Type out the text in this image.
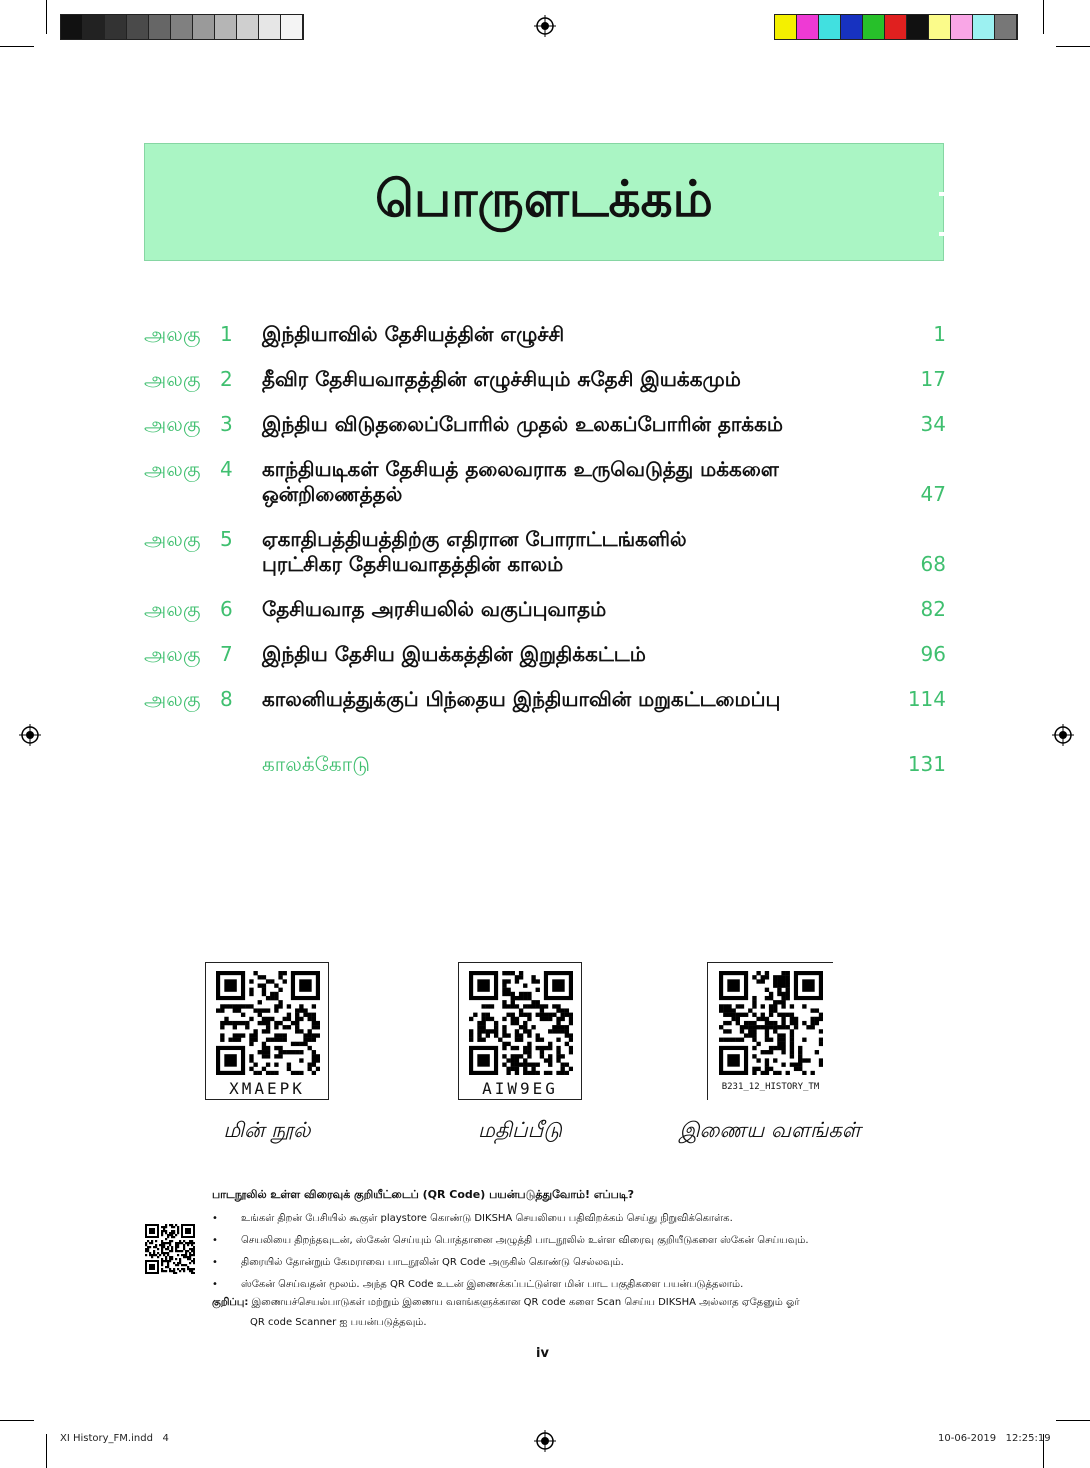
பொருளடக்கம்
அலகு 1 இந்தியாவில் தேசியத்தின் எழுச்சி	1
அலகு 2 தீவிர தேசியவாதத்தின் எழுச்சியும் சுதேசி இயக்கமும்	17
அலகு 3 இந்திய விடுதலைப்போரில் முதல் உலகப்போரின் தாக்கம்	34
அலகு 4 காந்தியடிகள் தேசியத் தலைவராக உருவெடுத்து மக்களை
ஒன்றிணைத்தல்	47
அலகு 5 ஏகாதிபத்தியத்திற்கு எதிரான போராட்டங்களில்
புரட்சிகர தேசியவாதத்தின் காலம்	68
அலகு 6 தேசியவாத அரசியலில் வகுப்புவாதம்	82
அலகு 7 இந்திய தேசிய இயக்கத்தின் இறுதிக்கட்டம்	96
அலகு 8 காலனியத்துக்குப் பிந்தைய இந்தியாவின் மறுகட்டமைப்பு	114
காலக்கோடு	131
XMAEPK	AIW9EG	B231_12_HISTORY_TM
மின் நூல்	மதிப்பீடு	இணைய வளங்கள்
பாடநூலில் உள்ள விரைவுக் குறியீட்டைப் (QR Code) பயன்படுத்துவோம்! எப்படி?
• உங்கள் திறன் பேசியில் கூகுள் playstore கொண்டு DIKSHA செயலியை பதிவிறக்கம் செய்து நிறுவிக்கொள்க.
• செயலியை திறந்தவுடன், ஸ்கேன் செய்யும் பொத்தானை அழுத்தி பாடநூலில் உள்ள விரைவு குறியீடுகளை ஸ்கேன் செய்யவும்.
• திரையில் தோன்றும் கேமராவை பாடநூலின் QR Code அருகில் கொண்டு செல்லவும்.
• ஸ்கேன் செய்வதன் மூலம். அந்த QR Code உடன் இணைக்கப்பட்டுள்ள மின் பாட பகுதிகளை பயன்படுத்தலாம்.
குறிப்பு: இணையச்செயல்பாடுகள் மற்றும் இணைய வளங்களுக்கான QR code களை Scan செய்ய DIKSHA அல்லாத ஏதேனும் ஓர்
QR code Scanner ஐ பயன்படுத்தவும்.
iv
XI History_FM.indd   4	10-06-2019   12:25:19
